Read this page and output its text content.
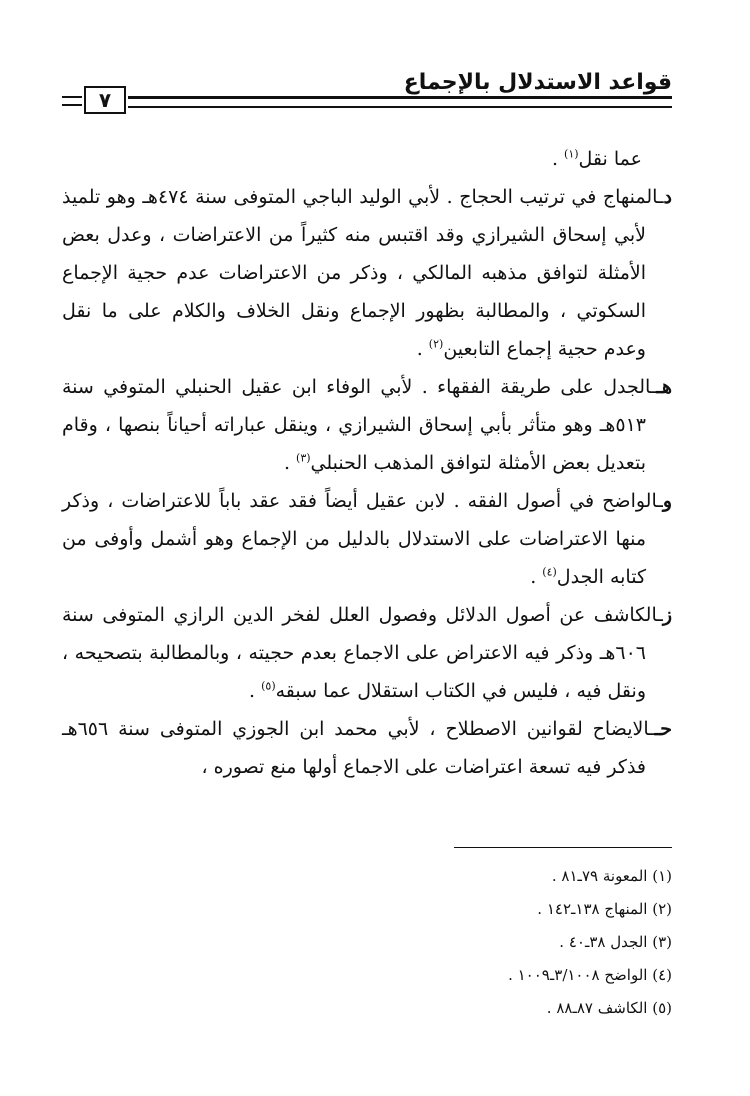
قواعد الاستدلال بالإجماع
٧

عما نقل$^{(١)}$ .

دـالمنهاج في ترتيب الحجاج . لأبي الوليد الباجي المتوفى سنة ٤٧٤هـ وهو تلميذ لأبي إسحاق الشيرازي وقد اقتبس منه كثيراً من الاعتراضات ، وعدل بعض الأمثلة لتوافق مذهبه المالكي ، وذكر من الاعتراضات عدم حجية الإجماع السكوتي ، والمطالبة بظهور الإجماع ونقل الخلاف والكلام على ما نقل وعدم حجية إجماع التابعين$^{(٢)}$ .

هــالجدل على طريقة الفقهاء . لأبي الوفاء ابن عقيل الحنبلي المتوفي سنة ٥١٣هـ وهو متأثر بأبي إسحاق الشيرازي ، وينقل عباراته أحياناً بنصها ، وقام بتعديل بعض الأمثلة لتوافق المذهب الحنبلي$^{(٣)}$ .

وـالواضح في أصول الفقه . لابن عقيل أيضاً فقد عقد باباً للاعتراضات ، وذكر منها الاعتراضات على الاستدلال بالدليل من الإجماع وهو أشمل وأوفى من كتابه الجدل$^{(٤)}$ .

زـالكاشف عن أصول الدلائل وفصول العلل لفخر الدين الرازي المتوفى سنة ٦٠٦هـ وذكر فيه الاعتراض على الاجماع بعدم حجيته ، وبالمطالبة بتصحيحه ، ونقل فيه ، فليس في الكتاب استقلال عما سبقه$^{(٥)}$ .

حــالايضاح لقوانين الاصطلاح ، لأبي محمد ابن الجوزي المتوفى سنة ٦٥٦هـ فذكر فيه تسعة اعتراضات على الاجماع أولها منع تصوره ،

(١) المعونة ٧٩ـ٨١ .

(٢) المنهاج ١٣٨ـ١٤٢ .

(٣) الجدل ٣٨ـ٤٠ .

(٤) الواضح ٣/١٠٠٨ـ١٠٠٩ .

(٥) الكاشف ٨٧ـ٨٨ .
